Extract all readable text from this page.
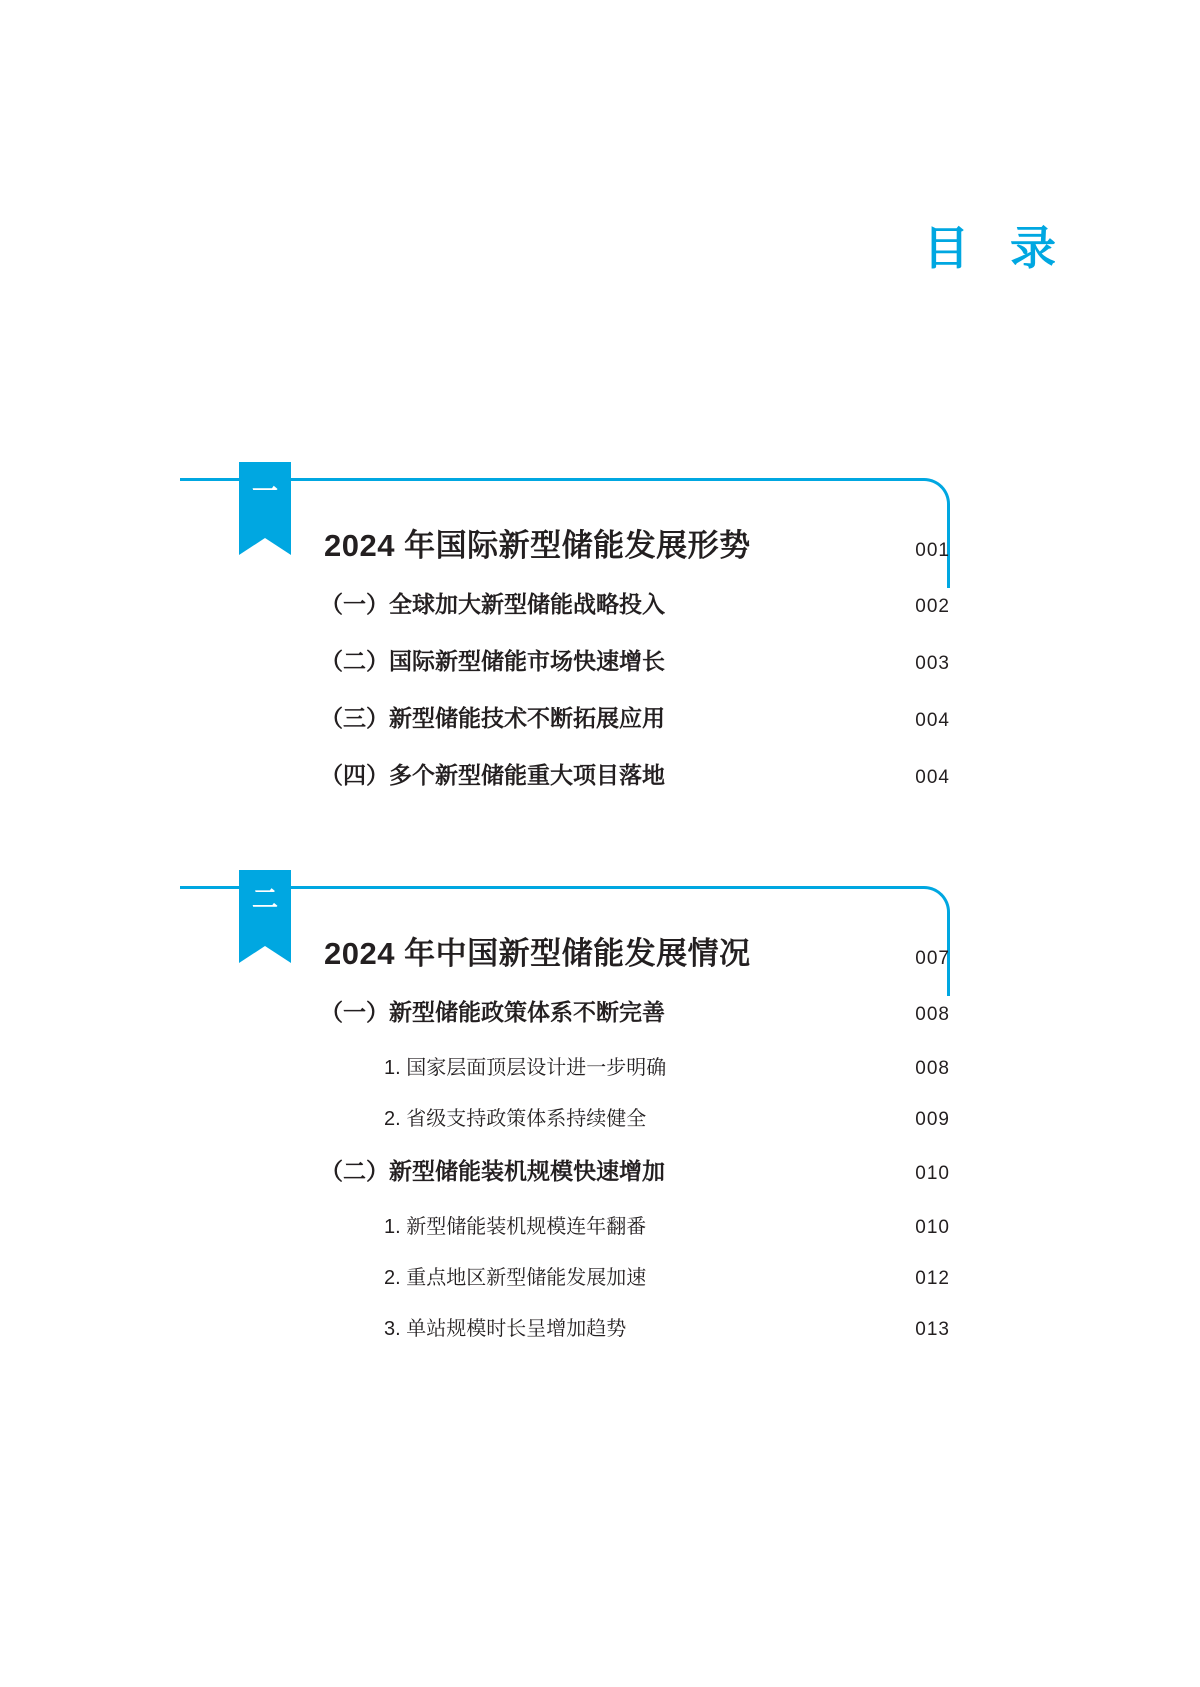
目 录
一
2024 年国际新型储能发展形势	001
（一）全球加大新型储能战略投入	002
（二）国际新型储能市场快速增长	003
（三）新型储能技术不断拓展应用	004
（四）多个新型储能重大项目落地	004
二
2024 年中国新型储能发展情况	007
（一）新型储能政策体系不断完善	008
1. 国家层面顶层设计进一步明确	008
2. 省级支持政策体系持续健全	009
（二）新型储能装机规模快速增加	010
1. 新型储能装机规模连年翻番	010
2. 重点地区新型储能发展加速	012
3. 单站规模时长呈增加趋势	013
